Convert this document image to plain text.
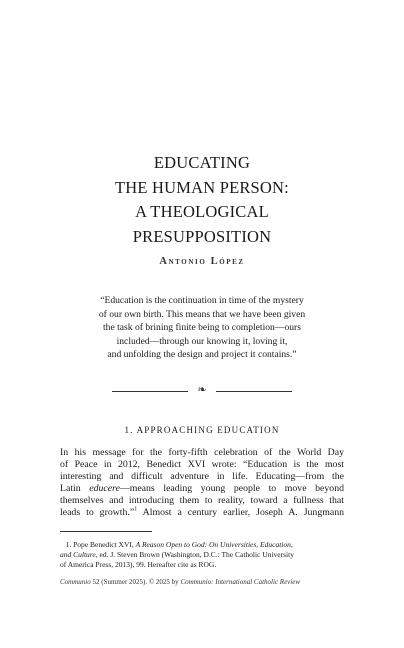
EDUCATING
THE HUMAN PERSON:
A THEOLOGICAL
PRESUPPOSITION
Antonio López
“Education is the continuation in time of the mystery
of our own birth. This means that we have been given
the task of brining finite being to completion—ours
included—through our knowing it, loving it,
and unfolding the design and project it contains.”
❧
1. APPROACHING EDUCATION
In his message for the forty-fifth celebration of the World Day
of Peace in 2012, Benedict XVI wrote: “Education is the most
interesting and difficult adventure in life. Educating—from the
Latin educere—means leading young people to move beyond
themselves and introducing them to reality, toward a fullness that
leads to growth.”$^1$ Almost a century earlier, Joseph A. Jungmann
1. Pope Benedict XVI, A Reason Open to God: On Universities, Education,
and Culture, ed. J. Steven Brown (Washington, D.C.: The Catholic University
of America Press, 2013), 99. Hereafter cite as ROG.
Communio 52 (Summer 2025). © 2025 by Communio: International Catholic Review
